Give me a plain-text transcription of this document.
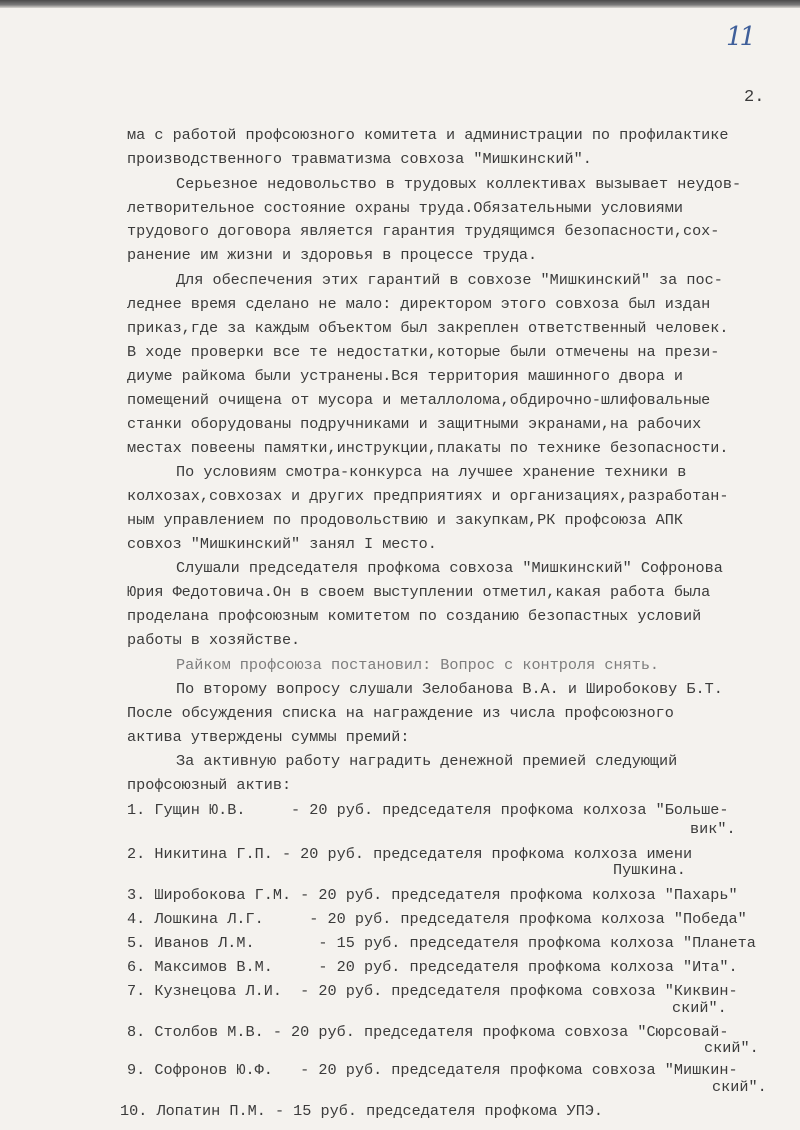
11
2.
ма с работой профсоюзного комитета и администрации по профилактике
производственного травматизма совхоза "Мишкинский".
Серьезное недовольство в трудовых коллективах вызывает неудов-
летворительное состояние охраны труда.Обязательными условиями
трудового договора является гарантия трудящимся безопасности,сох-
ранение им жизни и здоровья в процессе труда.
Для обеспечения этих гарантий в совхозе "Мишкинский" за пос-
леднее время сделано не мало: директором этого совхоза был издан
приказ,где за каждым объектом был закреплен ответственный человек.
В ходе проверки все те недостатки,которые были отмечены на прези-
диуме райкома были устранены.Вся территория машинного двора и
помещений очищена от мусора и металлолома,обдирочно-шлифовальные
станки оборудованы подручниками и защитными экранами,на рабочих
местах повеены памятки,инструкции,плакаты по технике безопасности.
По условиям смотра-конкурса на лучшее хранение техники в
колхозах,совхозах и других предприятиях и организациях,разработан-
ным управлением по продовольствию и закупкам,РК профсоюза АПК
совхоз "Мишкинский" занял I место.
Слушали председателя профкома совхоза "Мишкинский" Софронова
Юрия Федотовича.Он в своем выступлении отметил,какая работа была
проделана профсоюзным комитетом по созданию безопастных условий
работы в хозяйстве.
Райком профсоюза постановил: Вопрос с контроля снять.
По второму вопросу слушали Зелобанова В.А. и Широбокову Б.Т.
После обсуждения списка на награждение из числа профсоюзного
актива утверждены суммы премий:
За активную работу наградить денежной премией следующий
профсоюзный актив:
1. Гущин Ю.В.     - 20 руб. председателя профкома колхоза "Большe-
вик".
2. Никитина Г.П. - 20 руб. председателя профкома колхоза имени
Пушкина.
3. Широбокова Г.М. - 20 руб. председателя профкома колхоза "Пахарь"
4. Лошкина Л.Г.     - 20 руб. председателя профкома колхоза "Победа"
5. Иванов Л.М.       - 15 руб. председателя профкома колхоза "Планета
6. Максимов В.М.     - 20 руб. председателя профкома колхоза "Ита".
7. Кузнецова Л.И.  - 20 руб. председателя профкома совхоза "Киквин-
ский".
8. Столбов М.В. - 20 руб. председателя профкома совхоза "Сюрсовай-
ский".
9. Софронов Ю.Ф.   - 20 руб. председателя профкома совхоза "Мишкин-
ский".
10. Лопатин П.М. - 15 руб. председателя профкома УПЭ.
